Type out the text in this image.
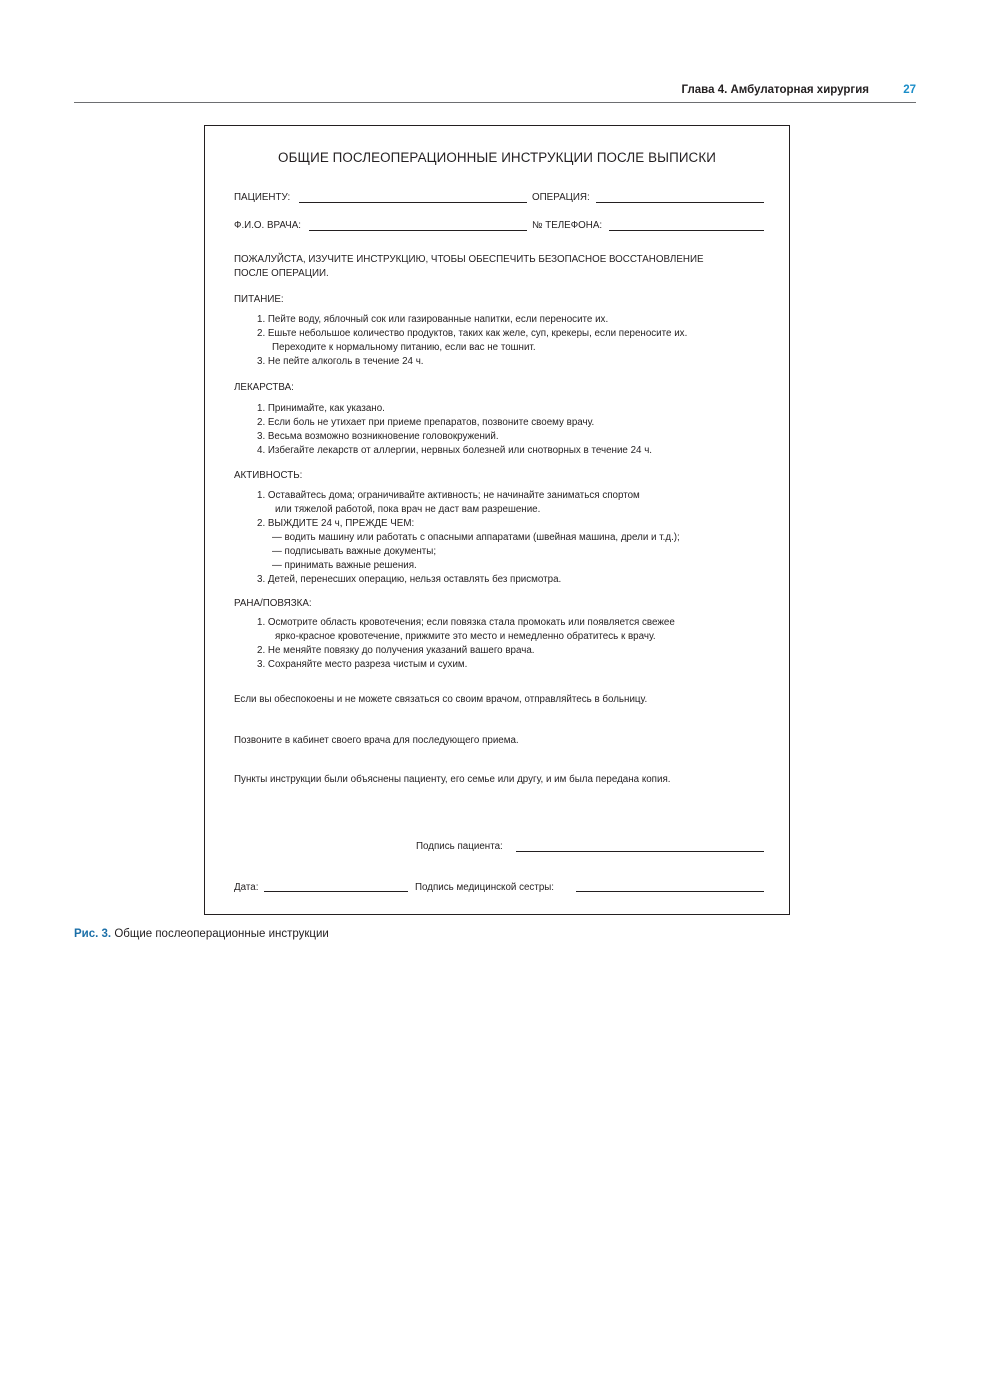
Глава 4. Амбулаторная хирургия	27
ОБЩИЕ ПОСЛЕОПЕРАЦИОННЫЕ ИНСТРУКЦИИ ПОСЛЕ ВЫПИСКИ
ПАЦИЕНТУ:	ОПЕРАЦИЯ:
Ф.И.О. ВРАЧА:	№ ТЕЛЕФОНА:
ПОЖАЛУЙСТА, ИЗУЧИТЕ ИНСТРУКЦИЮ, ЧТОБЫ ОБЕСПЕЧИТЬ БЕЗОПАСНОЕ ВОССТАНОВЛЕНИЕ
ПОСЛЕ ОПЕРАЦИИ.
ПИТАНИЕ:
1. Пейте воду, яблочный сок или газированные напитки, если переносите их.
2. Ешьте небольшое количество продуктов, таких как желе, суп, крекеры, если переносите их.
Переходите к нормальному питанию, если вас не тошнит.
3. Не пейте алкоголь в течение 24 ч.
ЛЕКАРСТВА:
1. Принимайте, как указано.
2. Если боль не утихает при приеме препаратов, позвоните своему врачу.
3. Весьма возможно возникновение головокружений.
4. Избегайте лекарств от аллергии, нервных болезней или снотворных в течение 24 ч.
АКТИВНОСТЬ:
1. Оставайтесь дома; ограничивайте активность; не начинайте заниматься спортом
или тяжелой работой, пока врач не даст вам разрешение.
2. ВЫЖДИТЕ 24 ч, ПРЕЖДЕ ЧЕМ:
— водить машину или работать с опасными аппаратами (швейная машина, дрели и т.д.);
— подписывать важные документы;
— принимать важные решения.
3. Детей, перенесших операцию, нельзя оставлять без присмотра.
РАНА/ПОВЯЗКА:
1. Осмотрите область кровотечения; если повязка стала промокать или появляется свежее
ярко-красное кровотечение, прижмите это место и немедленно обратитесь к врачу.
2. Не меняйте повязку до получения указаний вашего врача.
3. Сохраняйте место разреза чистым и сухим.
Если вы обеспокоены и не можете связаться со своим врачом, отправляйтесь в больницу.
Позвоните в кабинет своего врача для последующего приема.
Пункты инструкции были объяснены пациенту, его семье или другу, и им была передана копия.
Подпись пациента:
Дата:	Подпись медицинской сестры:
Рис. 3. Общие послеоперационные инструкции
